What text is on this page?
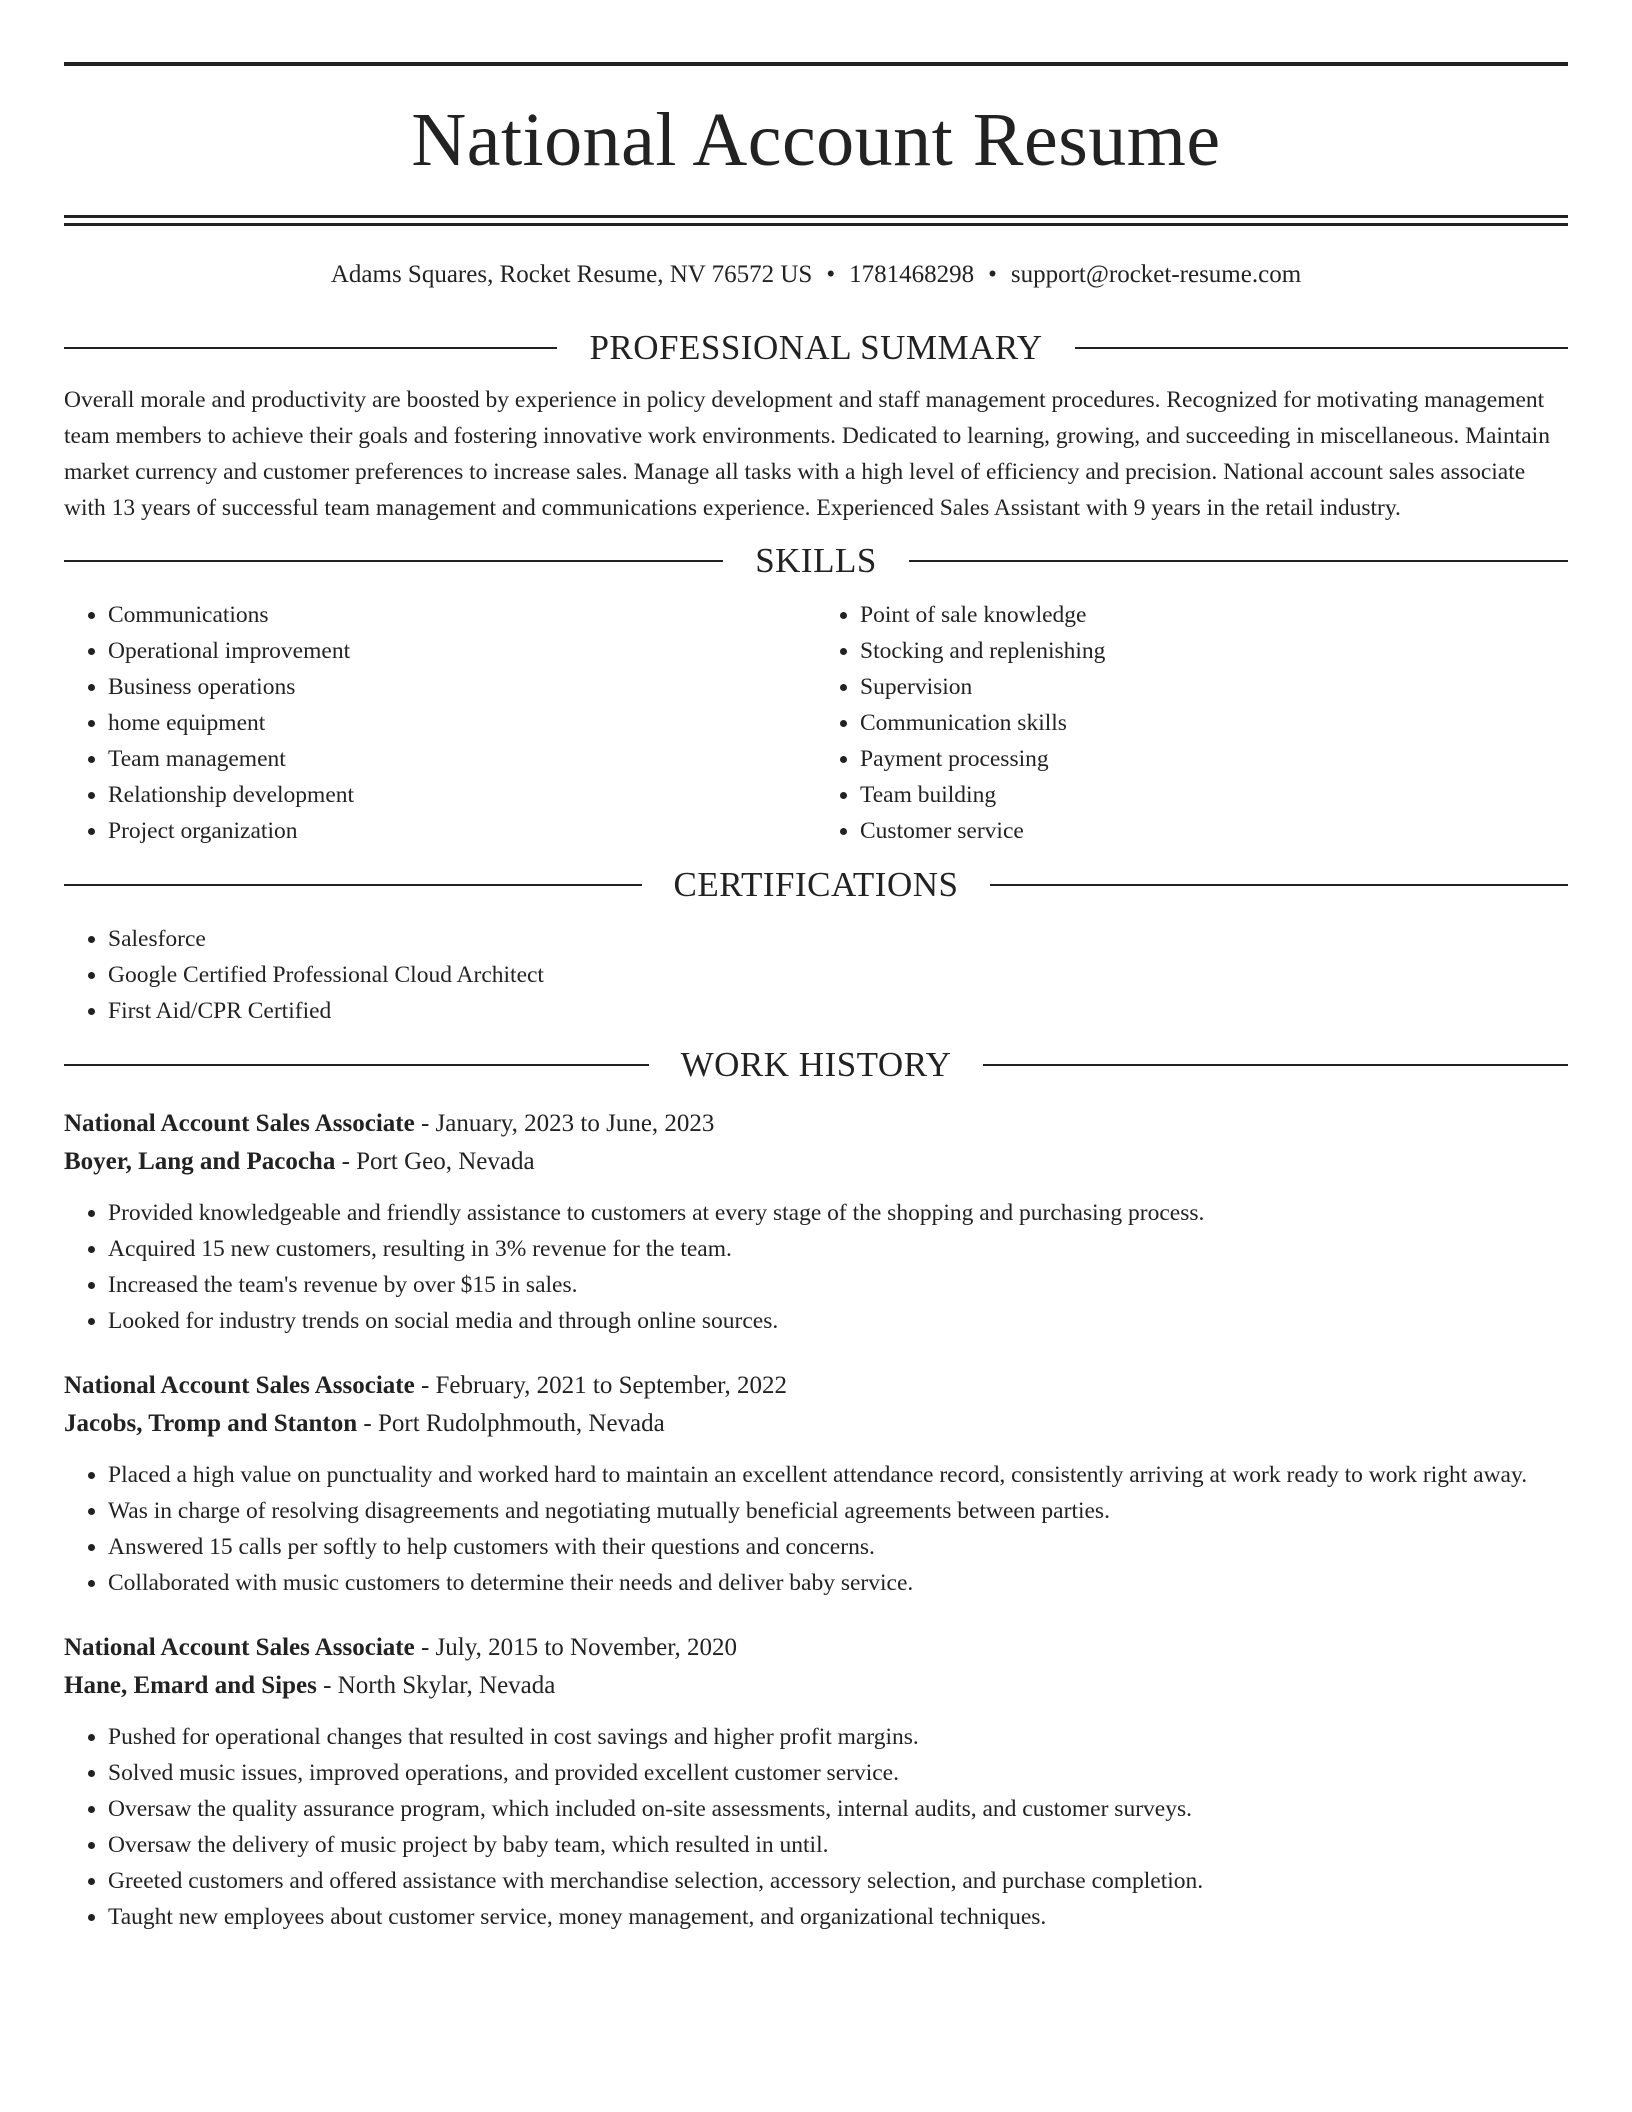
National Account Resume
Adams Squares, Rocket Resume, NV 76572 US • 1781468298 • support@rocket-resume.com
PROFESSIONAL SUMMARY
Overall morale and productivity are boosted by experience in policy development and staff management procedures. Recognized for motivating management team members to achieve their goals and fostering innovative work environments. Dedicated to learning, growing, and succeeding in miscellaneous. Maintain market currency and customer preferences to increase sales. Manage all tasks with a high level of efficiency and precision. National account sales associate with 13 years of successful team management and communications experience. Experienced Sales Assistant with 9 years in the retail industry.
SKILLS
• Communications
• Operational improvement
• Business operations
• home equipment
• Team management
• Relationship development
• Project organization
• Point of sale knowledge
• Stocking and replenishing
• Supervision
• Communication skills
• Payment processing
• Team building
• Customer service
CERTIFICATIONS
• Salesforce
• Google Certified Professional Cloud Architect
• First Aid/CPR Certified
WORK HISTORY
National Account Sales Associate - January, 2023 to June, 2023
Boyer, Lang and Pacocha - Port Geo, Nevada
• Provided knowledgeable and friendly assistance to customers at every stage of the shopping and purchasing process.
• Acquired 15 new customers, resulting in 3% revenue for the team.
• Increased the team's revenue by over $15 in sales.
• Looked for industry trends on social media and through online sources.
National Account Sales Associate - February, 2021 to September, 2022
Jacobs, Tromp and Stanton - Port Rudolphmouth, Nevada
• Placed a high value on punctuality and worked hard to maintain an excellent attendance record, consistently arriving at work ready to work right away.
• Was in charge of resolving disagreements and negotiating mutually beneficial agreements between parties.
• Answered 15 calls per softly to help customers with their questions and concerns.
• Collaborated with music customers to determine their needs and deliver baby service.
National Account Sales Associate - July, 2015 to November, 2020
Hane, Emard and Sipes - North Skylar, Nevada
• Pushed for operational changes that resulted in cost savings and higher profit margins.
• Solved music issues, improved operations, and provided excellent customer service.
• Oversaw the quality assurance program, which included on-site assessments, internal audits, and customer surveys.
• Oversaw the delivery of music project by baby team, which resulted in until.
• Greeted customers and offered assistance with merchandise selection, accessory selection, and purchase completion.
• Taught new employees about customer service, money management, and organizational techniques.
